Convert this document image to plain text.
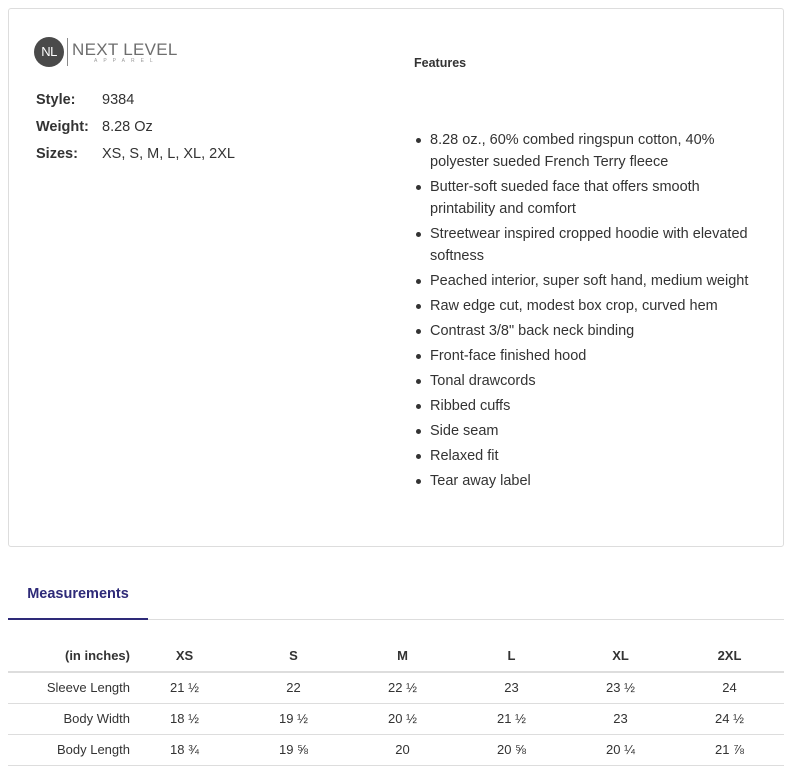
NL NEXT LEVEL
APPAREL
Style: 9384
Weight: 8.28 Oz
Sizes: XS, S, M, L, XL, 2XL
Features
8.28 oz., 60% combed ringspun cotton, 40% polyester sueded French Terry fleece
Butter-soft sueded face that offers smooth printability and comfort
Streetwear inspired cropped hoodie with elevated softness
Peached interior, super soft hand, medium weight
Raw edge cut, modest box crop, curved hem
Contrast 3/8" back neck binding
Front-face finished hood
Tonal drawcords
Ribbed cuffs
Side seam
Relaxed fit
Tear away label
Measurements
(in inches)	XS	S	M	L	XL	2XL
Sleeve Length	21 ½	22	22 ½	23	23 ½	24
Body Width	18 ½	19 ½	20 ½	21 ½	23	24 ½
Body Length	18 ¾	19 ⅝	20	20 ⅝	20 ¼	21 ⅞
